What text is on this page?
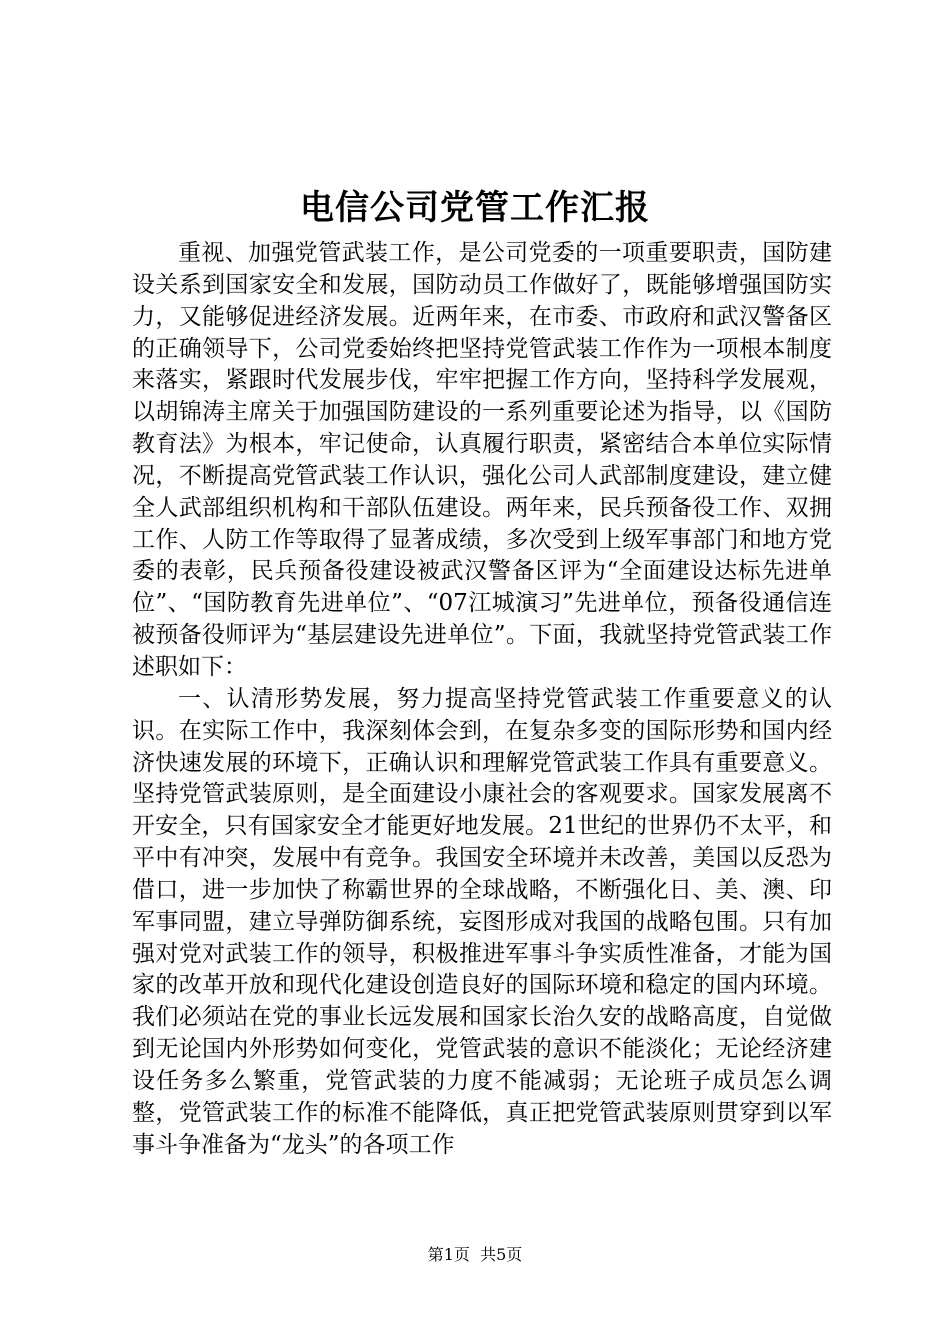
电信公司党管工作汇报

重视、加强党管武装工作，是公司党委的一项重要职责，国防建设关系到国家安全和发展，国防动员工作做好了，既能够增强国防实力，又能够促进经济发展。近两年来，在市委、市政府和武汉警备区的正确领导下，公司党委始终把坚持党管武装工作作为一项根本制度来落实，紧跟时代发展步伐，牢牢把握工作方向，坚持科学发展观，以胡锦涛主席关于加强国防建设的一系列重要论述为指导，以《国防教育法》为根本，牢记使命，认真履行职责，紧密结合本单位实际情况，不断提高党管武装工作认识，强化公司人武部制度建设，建立健全人武部组织机构和干部队伍建设。两年来，民兵预备役工作、双拥工作、人防工作等取得了显著成绩，多次受到上级军事部门和地方党委的表彰，民兵预备役建设被武汉警备区评为“全面建设达标先进单位”、“国防教育先进单位”、“07江城演习”先进单位，预备役通信连被预备役师评为“基层建设先进单位”。下面，我就坚持党管武装工作述职如下：

一、认清形势发展，努力提高坚持党管武装工作重要意义的认识。在实际工作中，我深刻体会到，在复杂多变的国际形势和国内经济快速发展的环境下，正确认识和理解党管武装工作具有重要意义。坚持党管武装原则，是全面建设小康社会的客观要求。国家发展离不开安全，只有国家安全才能更好地发展。21世纪的世界仍不太平，和平中有冲突，发展中有竞争。我国安全环境并未改善，美国以反恐为借口，进一步加快了称霸世界的全球战略，不断强化日、美、澳、印军事同盟，建立导弹防御系统，妄图形成对我国的战略包围。只有加强对党对武装工作的领导，积极推进军事斗争实质性准备，才能为国家的改革开放和现代化建设创造良好的国际环境和稳定的国内环境。我们必须站在党的事业长远发展和国家长治久安的战略高度，自觉做到无论国内外形势如何变化，党管武装的意识不能淡化；无论经济建设任务多么繁重，党管武装的力度不能减弱；无论班子成员怎么调整，党管武装工作的标准不能降低，真正把党管武装原则贯穿到以军事斗争准备为“龙头”的各项工作

第1页  共5页
